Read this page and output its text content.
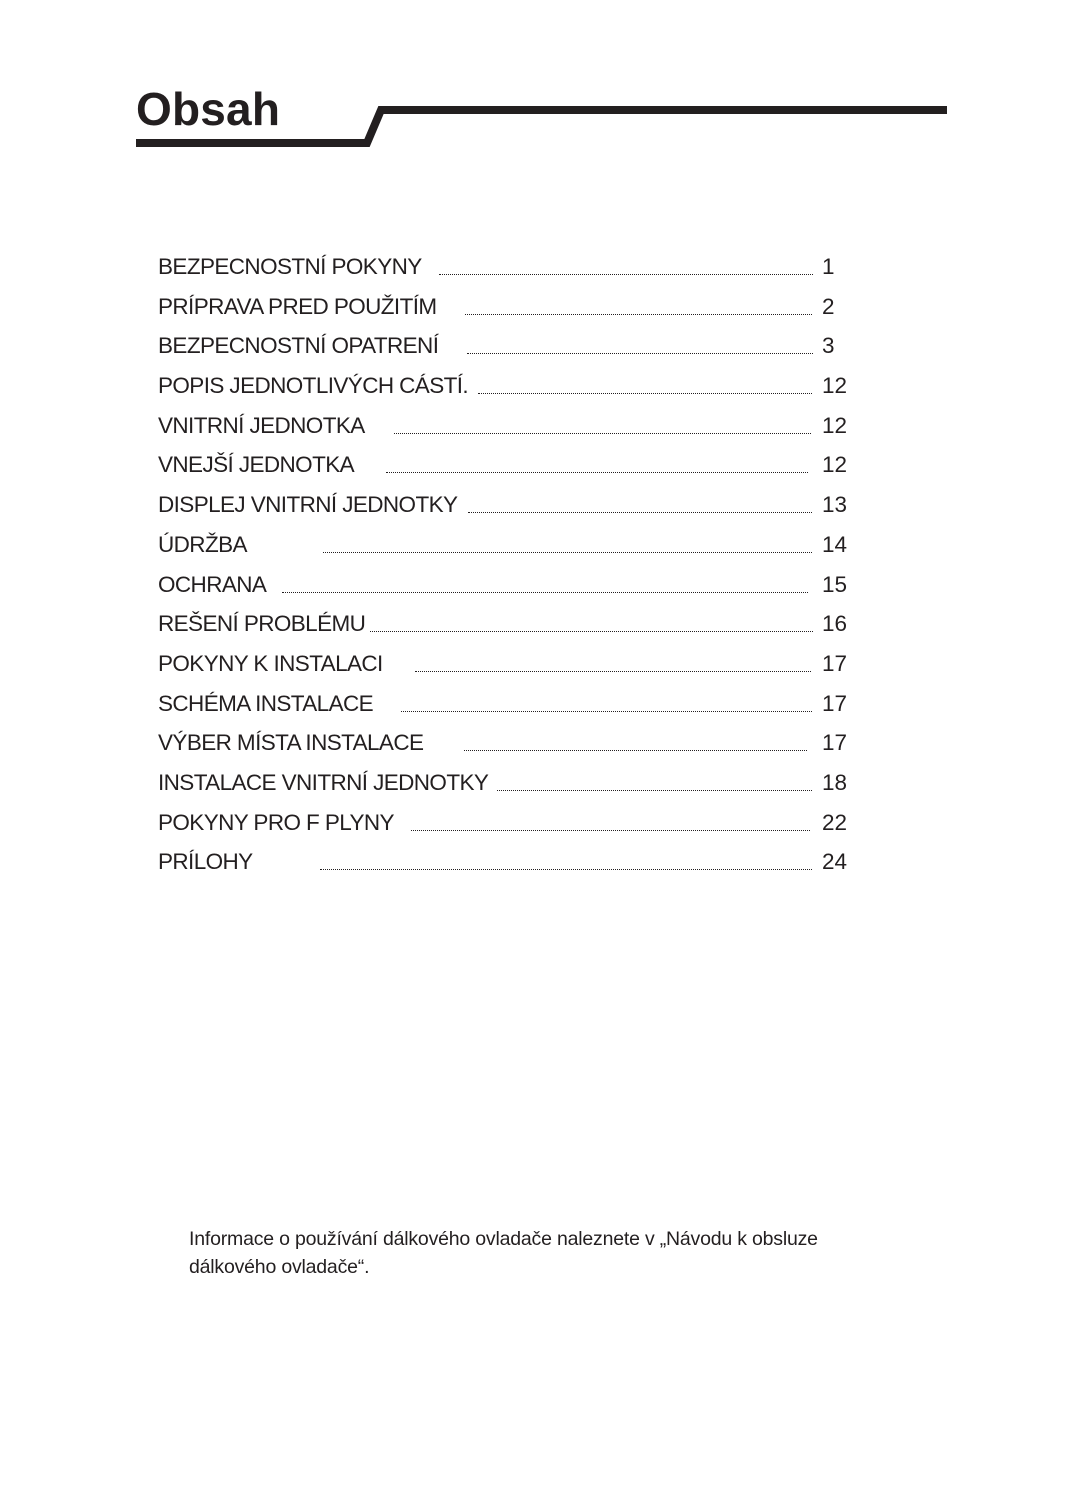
Obsah
BEZPECNOSTNÍ POKYNY	1
PRÍPRAVA PRED POUŽITÍM	2
BEZPECNOSTNÍ OPATRENÍ	3
POPIS JEDNOTLIVÝCH CÁSTÍ.	12
VNITRNÍ JEDNOTKA	12
VNEJŠÍ JEDNOTKA	12
DISPLEJ VNITRNÍ JEDNOTKY	13
ÚDRŽBA	14
OCHRANA	15
REŠENÍ PROBLÉMU	16
POKYNY K INSTALACI	17
SCHÉMA INSTALACE	17
VÝBER MÍSTA INSTALACE	17
INSTALACE VNITRNÍ JEDNOTKY	18
POKYNY PRO F PLYNY	22
PRÍLOHY	24

Informace o používání dálkového ovladače naleznete v „Návodu k obsluze
dálkového ovladače“.
